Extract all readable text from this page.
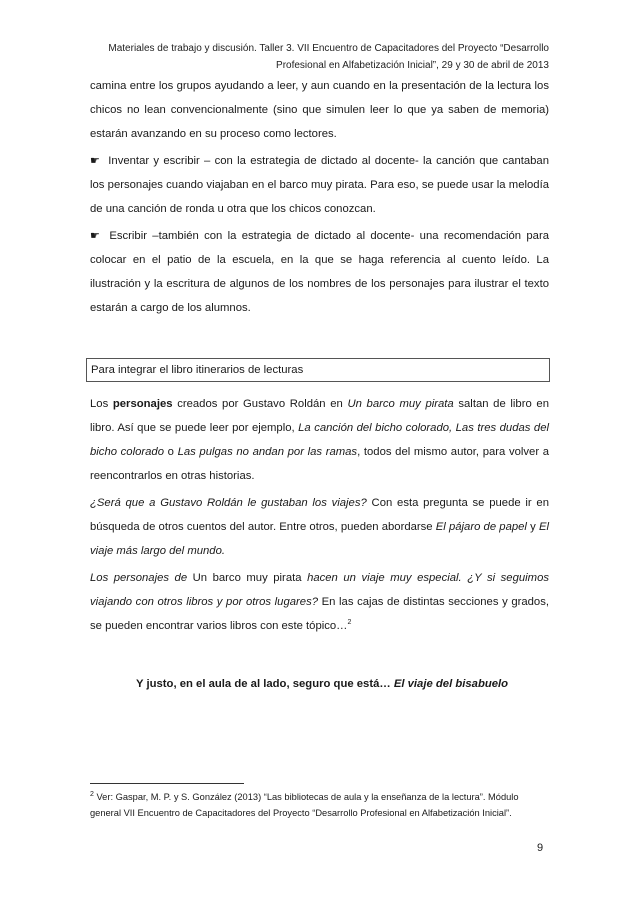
Materiales de trabajo y discusión. Taller 3. VII Encuentro de Capacitadores del Proyecto “Desarrollo
Profesional en Alfabetización Inicial”, 29 y 30 de abril de 2013

camina entre los grupos ayudando a leer, y aun cuando en la presentación de la lectura los chicos no lean convencionalmente (sino que simulen leer lo que ya saben de memoria) estarán avanzando en su proceso como lectores.

☛ Inventar y escribir – con la estrategia de dictado al docente- la canción que cantaban los personajes cuando viajaban en el barco muy pirata. Para eso, se puede usar la melodía de una canción de ronda u otra que los chicos conozcan.

☛ Escribir –también con la estrategia de dictado al docente- una recomendación para colocar en el patio de la escuela, en la que se haga referencia al cuento leído. La ilustración y la escritura de algunos de los nombres de los personajes para ilustrar el texto estarán a cargo de los alumnos.

Para integrar el libro itinerarios de lecturas

Los personajes creados por Gustavo Roldán en Un barco muy pirata saltan de libro en libro. Así que se puede leer por ejemplo, La canción del bicho colorado, Las tres dudas del bicho colorado o Las pulgas no andan por las ramas, todos del mismo autor, para volver a reencontrarlos en otras historias.

¿Será que a Gustavo Roldán le gustaban los viajes? Con esta pregunta se puede ir en búsqueda de otros cuentos del autor. Entre otros, pueden abordarse El pájaro de papel y El viaje más largo del mundo.

Los personajes de Un barco muy pirata hacen un viaje muy especial. ¿Y si seguimos viajando con otros libros y por otros lugares? En las cajas de distintas secciones y grados, se pueden encontrar varios libros con este tópico…$^2$

Y justo, en el aula de al lado, seguro que está… El viaje del bisabuelo
$^2$ Ver: Gaspar, M. P. y S. González (2013) “Las bibliotecas de aula y la enseñanza de la lectura”. Módulo general VII Encuentro de Capacitadores del Proyecto “Desarrollo Profesional en Alfabetización Inicial”.
9
